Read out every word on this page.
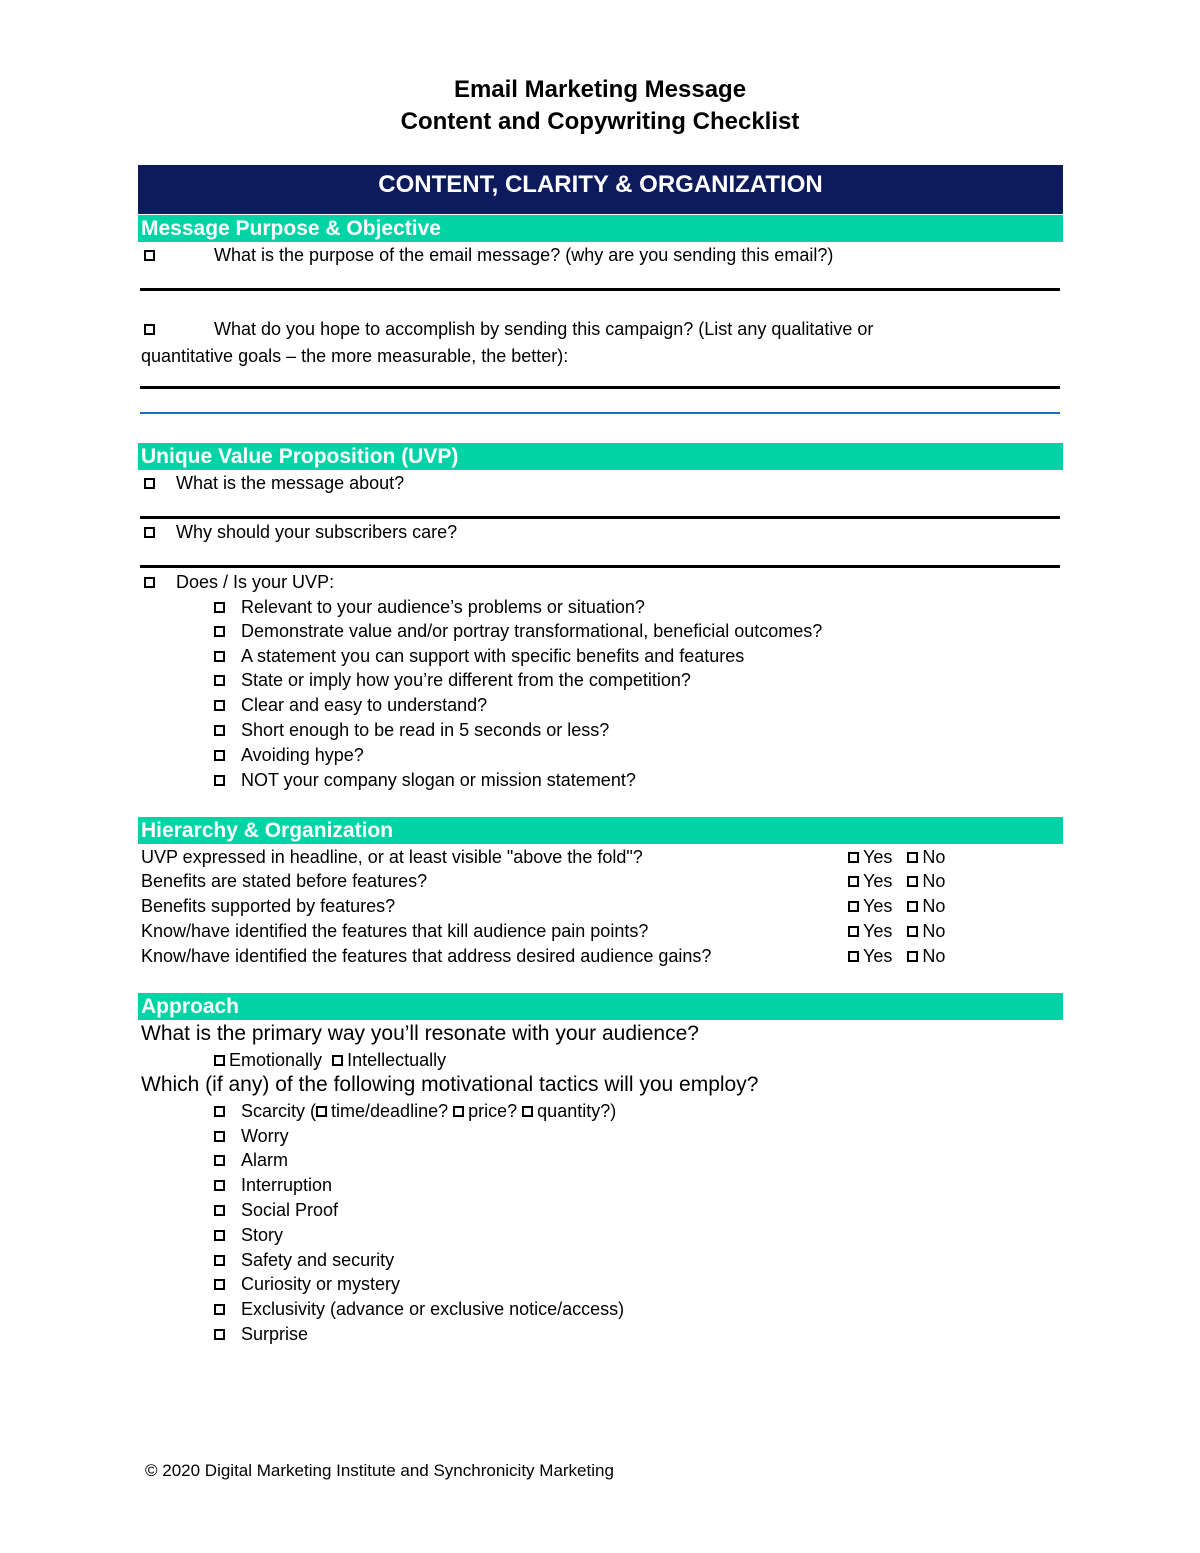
Email Marketing Message
Content and Copywriting Checklist
CONTENT, CLARITY & ORGANIZATION
Message Purpose & Objective
What is the purpose of the email message? (why are you sending this email?)
What do you hope to accomplish by sending this campaign? (List any qualitative or
quantitative goals – the more measurable, the better):
Unique Value Proposition (UVP)
What is the message about?
Why should your subscribers care?
Does / Is your UVP:
Relevant to your audience’s problems or situation?
Demonstrate value and/or portray transformational, beneficial outcomes?
A statement you can support with specific benefits and features
State or imply how you’re different from the competition?
Clear and easy to understand?
Short enough to be read in 5 seconds or less?
Avoiding hype?
NOT your company slogan or mission statement?
Hierarchy & Organization
UVP expressed in headline, or at least visible "above the fold"?	Yes No
Benefits are stated before features?	Yes No
Benefits supported by features?	Yes No
Know/have identified the features that kill audience pain points?	Yes No
Know/have identified the features that address desired audience gains?	Yes No
Approach
What is the primary way you’ll resonate with your audience?
Emotionally Intellectually
Which (if any) of the following motivational tactics will you employ?
Scarcity ( time/deadline? price? quantity?)
Worry
Alarm
Interruption
Social Proof
Story
Safety and security
Curiosity or mystery
Exclusivity (advance or exclusive notice/access)
Surprise
© 2020 Digital Marketing Institute and Synchronicity Marketing
